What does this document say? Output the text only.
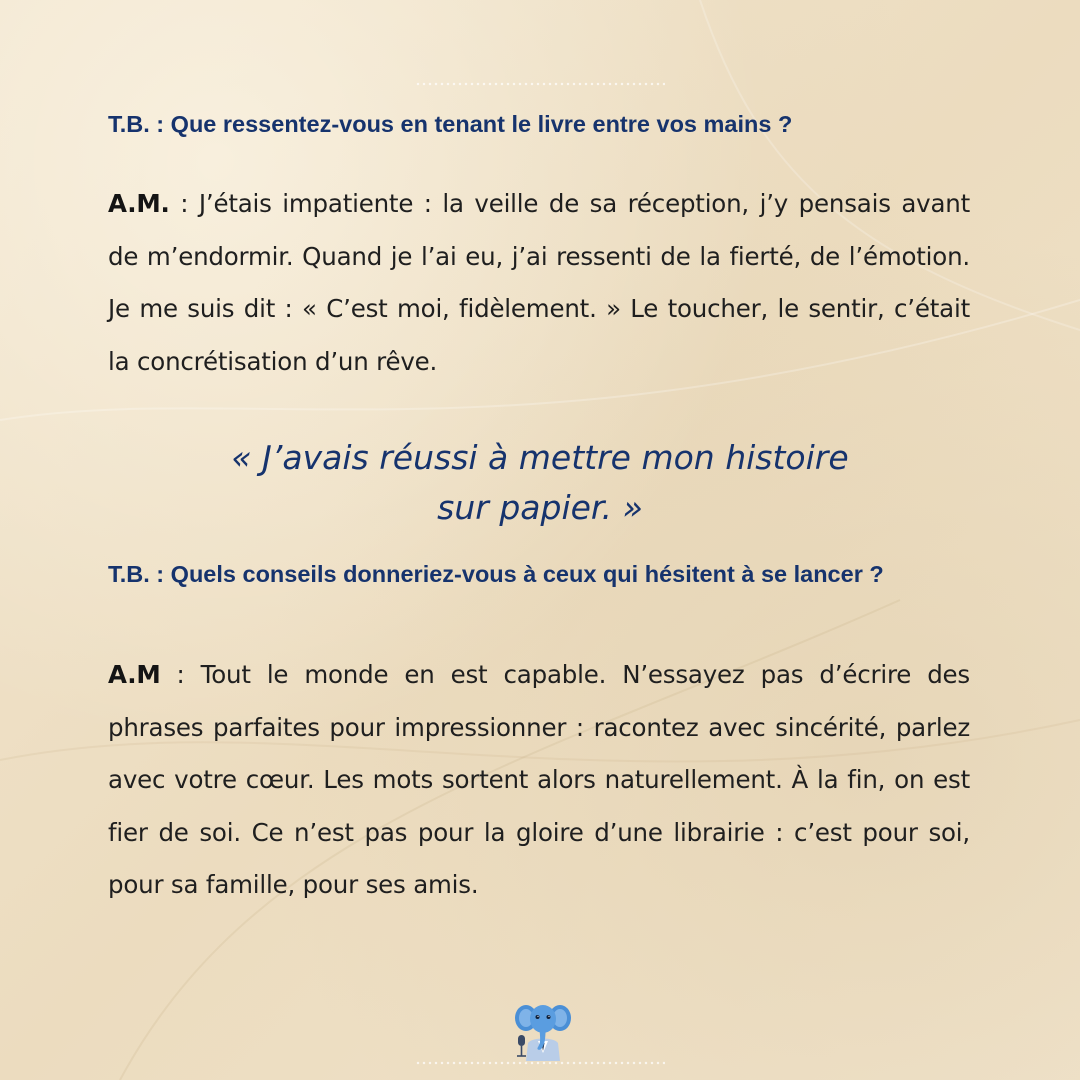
T.B. : Que ressentez-vous en tenant le livre entre vos mains ?
A.M. : J’étais impatiente : la veille de sa réception, j’y pensais avant de m’endormir. Quand je l’ai eu, j’ai ressenti de la fierté, de l’émotion. Je me suis dit : « C’est moi, fidèlement. » Le toucher, le sentir, c’était la concrétisation d’un rêve.
« J’avais réussi à mettre mon histoire
sur papier. »
T.B. : Quels conseils donneriez-vous à ceux qui hésitent à se lancer ?
A.M : Tout le monde en est capable. N’essayez pas d’écrire des phrases parfaites pour impressionner : racontez avec sincérité, parlez avec votre cœur. Les mots sortent alors naturellement. À la fin, on est fier de soi. Ce n’est pas pour la gloire d’une librairie : c’est pour soi, pour sa famille, pour ses amis.
